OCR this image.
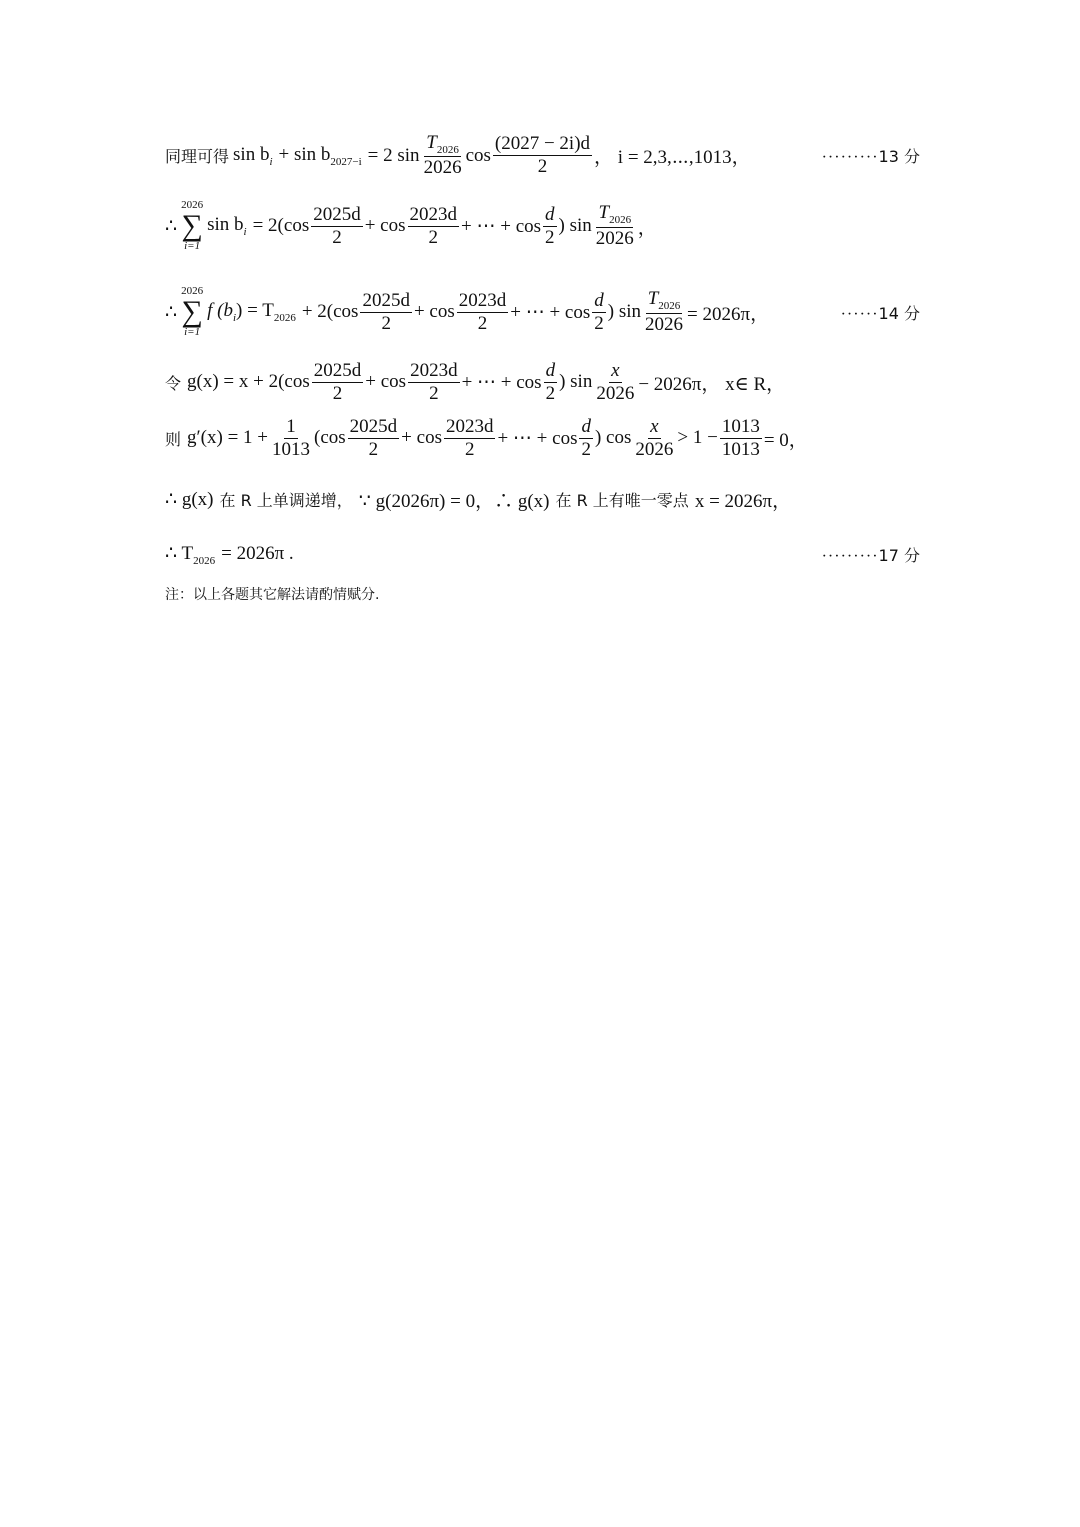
同理可得 $\sin b_i + \sin b_{2027-i} = 2$ $\sin \frac{T_{2026}}{2026}$ $\cos \frac{(2027 - 2i)d}{2}$ ， i = 2,3,⋯,1013，	·········13 分
∴
2026
∑
i=1
$\sin b_i = 2(\cos \frac{2025d}{2} + \cos \frac{2023d}{2}$ + ⋯ + $\cos \frac{d}{2}$ ) $\sin \frac{T_{2026}}{2026}$ ，
∴
2026
∑
i=1
f ($b_i$ ) = $T_{2026} + 2(\cos \frac{2025d}{2} + \cos \frac{2023d}{2}$ + ⋯ + $\cos \frac{d}{2}$ ) $\sin \frac{T_{2026}}{2026} = 2026\pi$，	······14 分
令 $g(x) = x + 2(\cos \frac{2025d}{2} + \cos \frac{2023d}{2}$ + ⋯ + $\cos \frac{d}{2}$ ) $\sin \frac{x}{2026} - 2026\pi$， x∈ R，
则 $g'(x) = 1 + \frac{1}{1013} (\cos \frac{2025d}{2} + \cos \frac{2023d}{2}$ + ⋯ + $\cos \frac{d}{2}$ ) $\cos \frac{x}{2026} > 1 - \frac{1013}{1013} = 0$，
∴ g(x) 在 R 上单调递增， ∵ g(2026π) = 0，∴ g(x) 在 R 上有唯一零点 x = 2026π，
∴ $T_{2026} = 2026\pi$ .	·········17 分
注：以上各题其它解法请酌情赋分.
